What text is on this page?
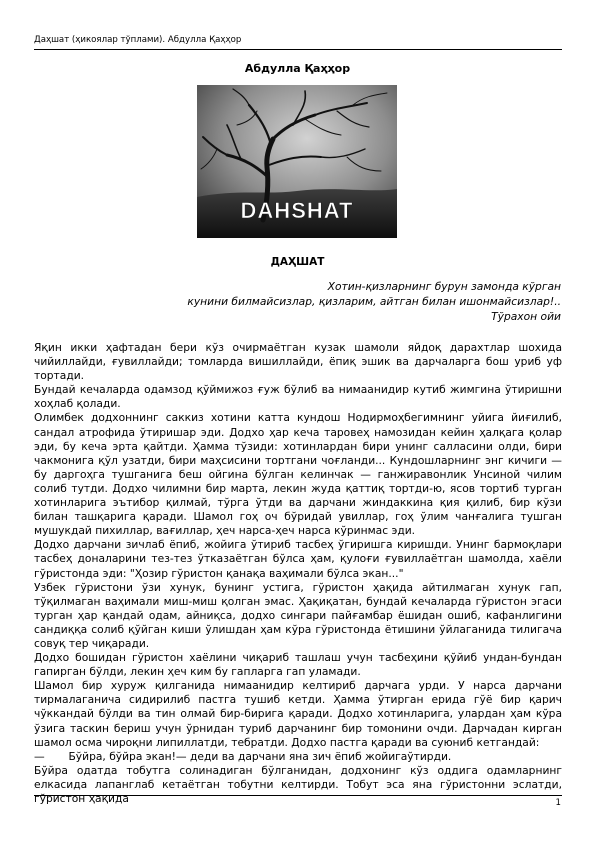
Даҳшат (ҳикоялар тўплами). Абдулла Қаҳҳор
Абдулла Қаҳҳор
DAHSHAT
ДАҲШАТ
Хотин-қизларнинг бурун замонда кўрган
кунини билмайсизлар, қизларим, айтган билан ишонмайсизлар!..
Тўрахон ойи

Яқин икки ҳафтадан бери кўз очирмаётган кузак шамоли яйдоқ дарахтлар шохида чийиллайди, ғувиллайди; томларда вишиллайди, ёпиқ эшик ва дарчаларга бош уриб уф тортади.

Бундай кечаларда одамзод қўймижоз ғуж бўлиб ва нимаанидир кутиб жимгина ўтиришни хоҳлаб қолади.

Олимбек додхоннинг саккиз хотини катта кундош Нодирмоҳбегимнинг уйига йиғилиб, сандал атрофида ўтиришар эди. Додхо ҳар кеча таровеҳ намозидан кейин ҳалқага қолар эди, бу кеча эрта қайтди. Ҳамма тўзиди: хотинлардан бири унинг салласини олди, бири чакмонига қўл узатди, бири маҳсисини тортгани чоғланди... Кундошларнинг энг кичиги — бу даргоҳга тушганига беш ойгина бўлган келинчак — ганжиравонлик Унсиной чилим солиб тутди. Додхо чилимни бир марта, лекин жуда қаттиқ тортди-ю, ясов тортиб турган хотинларига эътибор қилмай, тўрга ўтди ва дарчани жиндаккина қия қилиб, бир кўзи билан ташқарига қаради. Шамол гоҳ оч бўридай увиллар, гоҳ ўлим чанғалига тушган мушукдай пихиллар, вағиллар, ҳеч нарса-ҳеч нарса кўринмас эди.

Додхо дарчани зичлаб ёпиб, жойига ўтириб тасбеҳ ўгиришга киришди. Унинг бармоқлари тасбеҳ доналарини тез-тез ўтказаётган бўлса ҳам, қулоғи ғувиллаётган шамолда, хаёли гўристонда эди: "Ҳозир гўристон қанақа ваҳимали бўлса экан..."

Узбек гўристони ўзи хунук, бунинг устига, гўристон ҳақида айтилмаган хунук гап, тўқилмаган ваҳимали миш-миш қолган эмас. Ҳақиқатан, бундай кечаларда гўристон эгаси турган ҳар қандай одам, айниқса, додхо сингари пайғамбар ёшидан ошиб, кафанлигини сандиққа солиб қўйган киши ўлишдан ҳам кўра гўристонда ётишини ўйлаганида тилигача совуқ тер чиқаради.

Додхо бошидан гўристон хаёлини чиқариб ташлаш учун тасбеҳини қўйиб ундан-бундан гапирган бўлди, лекин ҳеч ким бу гапларга гап уламади.

Шамол бир хуруж қилганида нимаанидир келтириб дарчага урди. У нарса дарчани тирмалаганича сидирилиб пастга тушиб кетди. Ҳамма ўтирган ерида гўё бир қарич чўккандай бўлди ва тин олмай бир-бирига қаради. Додхо хотинларига, улардан ҳам кўра ўзига таскин бериш учун ўрнидан туриб дарчанинг бир томонини очди. Дарчадан кирган шамол осма чироқни липиллатди, тебратди. Додхо пастга қаради ва суюниб кетгандай:

—       Бўйра, бўйра экан!— деди ва дарчани яна зич ёпиб жойигаўтирди.

Бўйра одатда тобутга солинадиган бўлганидан, додхонинг кўз оддига одамларнинг елкасида лапанглаб кетаётган тобутни келтирди. Тобут эса яна гўристонни эслатди, гўристон ҳақида	1
